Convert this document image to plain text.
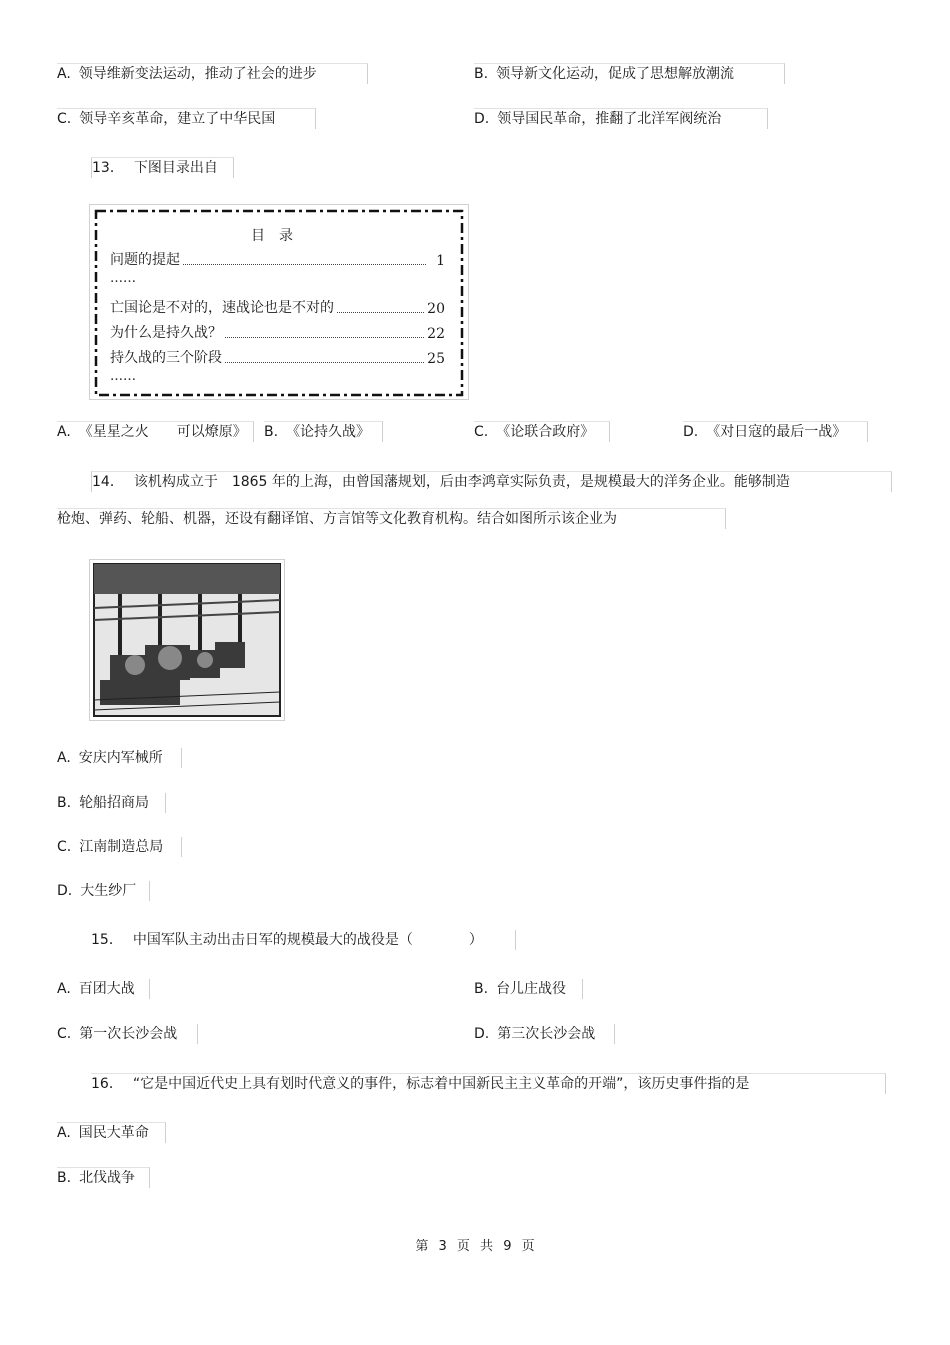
A. 领导维新变法运动，推动了社会的进步	B. 领导新文化运动，促成了思想解放潮流
C. 领导辛亥革命，建立了中华民国	D. 领导国民革命，推翻了北洋军阀统治
13． 下图目录出自
目录
问题的提起	1
……
亡国论是不对的，速战论也是不对的	20
为什么是持久战？	22
持久战的三个阶段	25
……
A. 《星星之火　　可以燎原》	B. 《论持久战》	C. 《论联合政府》	D. 《对日寇的最后一战》
14． 该机构成立于　1865 年的上海，由曾国藩规划，后由李鸿章实际负责，是规模最大的洋务企业。能够制造
枪炮、弹药、轮船、机器，还设有翻译馆、方言馆等文化教育机构。结合如图所示该企业为
A. 安庆内军械所
B. 轮船招商局
C. 江南制造总局
D. 大生纱厂
15． 中国军队主动出击日军的规模最大的战役是（　　　　）
A. 百团大战	B. 台儿庄战役
C. 第一次长沙会战	D. 第三次长沙会战
16． “它是中国近代史上具有划时代意义的事件，标志着中国新民主主义革命的开端”，该历史事件指的是
A. 国民大革命
B. 北伐战争
第 3 页 共 9 页
